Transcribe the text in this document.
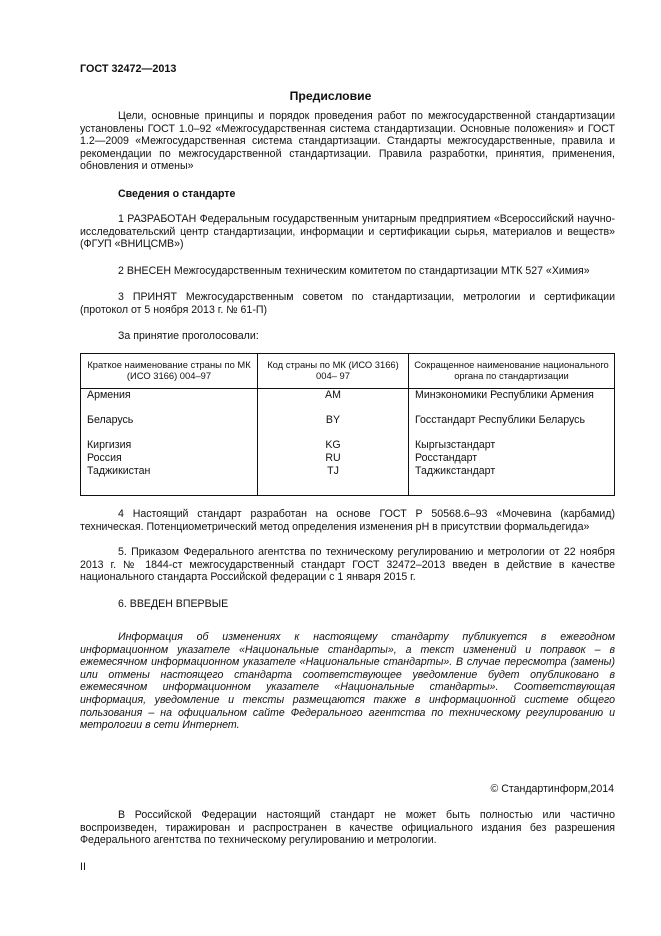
ГОСТ 32472—2013
Предисловие
Цели, основные принципы и порядок проведения работ по межгосударственной стандартизации установлены ГОСТ 1.0–92 «Межгосударственная система стандартизации. Основные положения» и ГОСТ 1.2—2009 «Межгосударственная система стандартизации. Стандарты межгосударственные, правила и рекомендации по межгосударственной стандартизации. Правила разработки, принятия, применения, обновления и отмены»
Сведения о стандарте
1 РАЗРАБОТАН Федеральным государственным унитарным предприятием «Всероссийский научно-исследовательский центр стандартизации, информации и сертификации сырья, материалов и веществ» (ФГУП «ВНИЦСМВ»)
2 ВНЕСЕН Межгосударственным техническим комитетом по стандартизации МТК 527 «Химия»
3 ПРИНЯТ Межгосударственным советом по стандартизации, метрологии и сертификации (протокол от 5 ноября 2013 г. № 61-П)
За принятие проголосовали:
Краткое наименование страны по МК (ИСО 3166) 004–97	Код страны по МК (ИСО 3166) 004– 97	Сокращенное наименование национального органа по стандартизации
Армения	AM	Минэкономики Республики Армения

Беларусь	BY	Госстандарт Республики Беларусь

Киргизия	KG	Кыргызстандарт
Россия	RU	Росстандарт
Таджикистан	TJ	Таджикстандарт
4 Настоящий стандарт разработан на основе ГОСТ Р 50568.6–93 «Мочевина (карбамид) техническая. Потенциометрический метод определения изменения pH в присутствии формальдегида»
5. Приказом Федерального агентства по техническому регулированию и метрологии от 22 ноября 2013 г. № 1844-ст межгосударственный стандарт ГОСТ 32472–2013 введен в действие в качестве национального стандарта Российской федерации с 1 января 2015 г.
6. ВВЕДЕН ВПЕРВЫЕ
Информация об изменениях к настоящему стандарту публикуется в ежегодном информационном указателе «Национальные стандарты», а текст изменений и поправок – в ежемесячном информационном указателе «Национальные стандарты». В случае пересмотра (замены) или отмены настоящего стандарта соответствующее уведомление будет опубликовано в ежемесячном информационном указателе «Национальные стандарты». Соответствующая информация, уведомление и тексты размещаются также в информационной системе общего пользования – на официальном сайте Федерального агентства по техническому регулированию и метрологии в сети Интернет.
© Стандартинформ,2014
В Российской Федерации настоящий стандарт не может быть полностью или частично воспроизведен, тиражирован и распространен в качестве официального издания без разрешения Федерального агентства по техническому регулированию и метрологии.
II
